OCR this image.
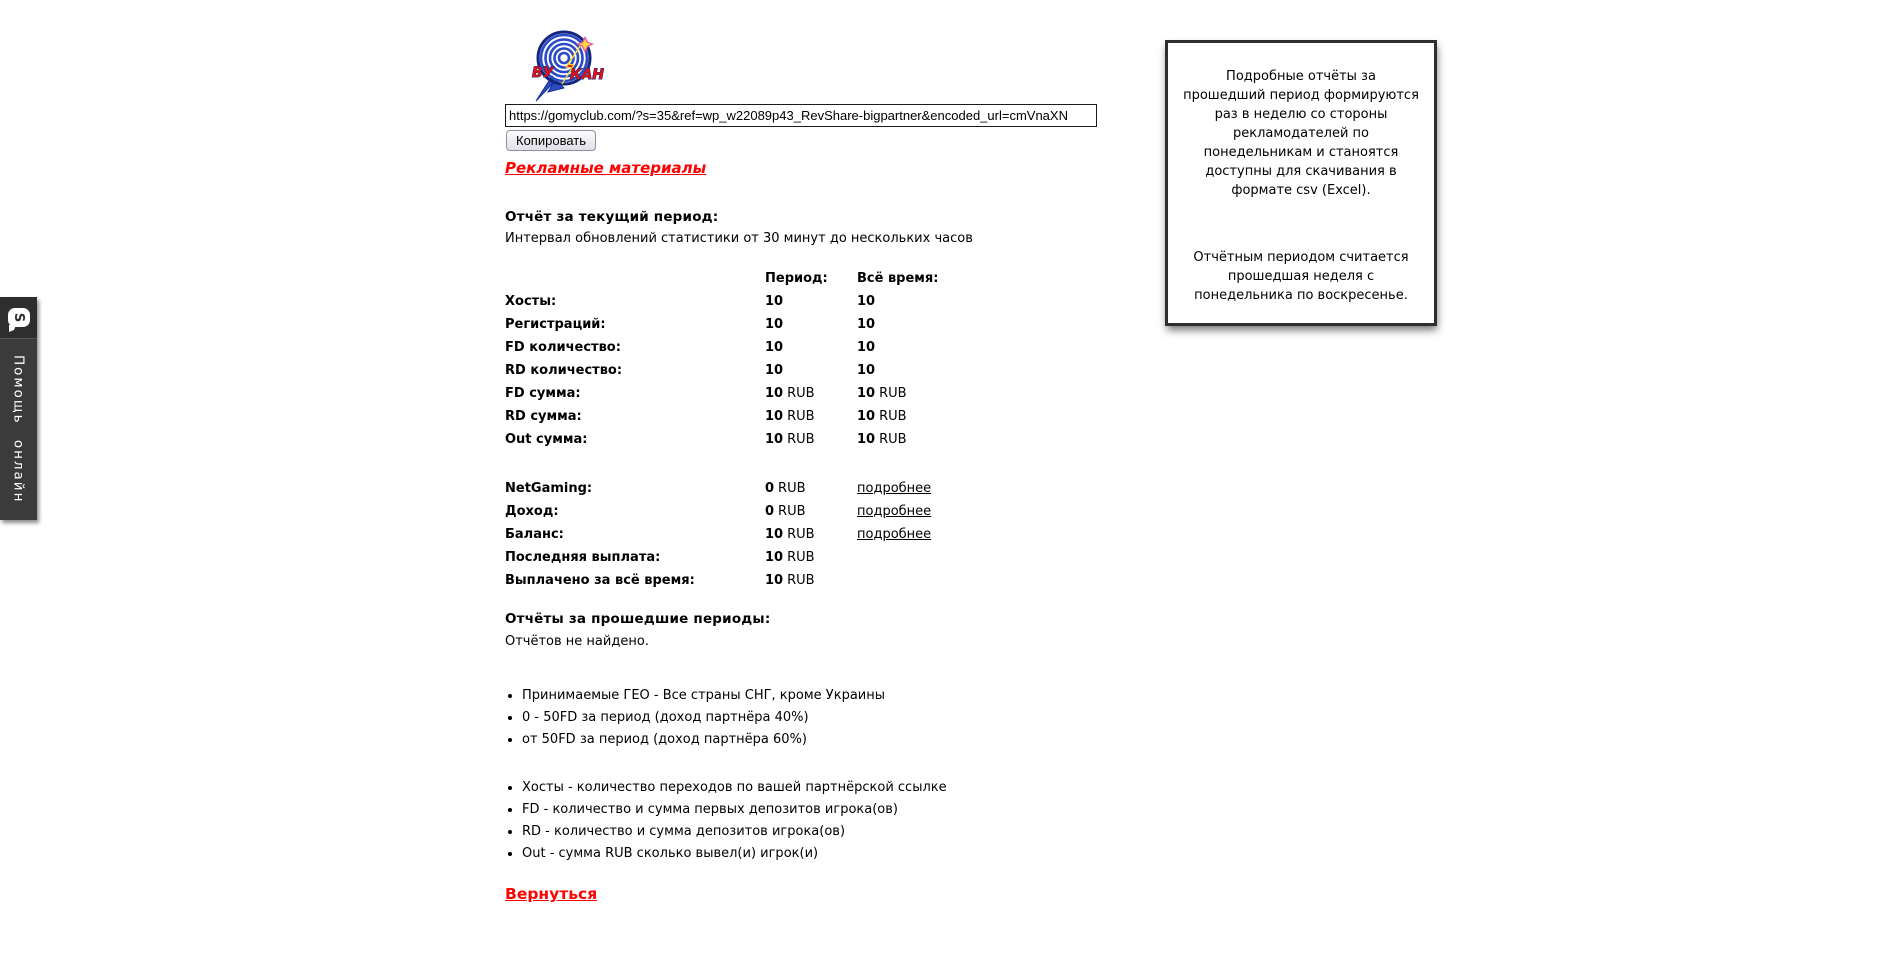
ВУ КАН
https://gomyclub.com/?s=35&ref=wp_w22089p43_RevShare-bigpartner&encoded_url=cmVnaXN
Копировать
Рекламные материалы
Отчёт за текущий период:
Интервал обновлений статистики от 30 минут до нескольких часов
Период:	Всё время:
Хосты:	10	10
Регистраций:	10	10
FD количество:	10	10
RD количество:	10	10
FD сумма:	10 RUB	10 RUB
RD сумма:	10 RUB	10 RUB
Out сумма:	10 RUB	10 RUB
NetGaming:	0 RUB	подробнее
Доход:	0 RUB	подробнее
Баланс:	10 RUB	подробнее
Последняя выплата:	10 RUB
Выплачено за всё время:	10 RUB
Отчёты за прошедшие периоды:
Отчётов не найдено.
• Принимаемые ГЕО - Все страны СНГ, кроме Украины
• 0 - 50FD за период (доход партнёра 40%)
• от 50FD за период (доход партнёра 60%)
• Хосты - количество переходов по вашей партнёрской ссылке
• FD - количество и сумма первых депозитов игрока(ов)
• RD - количество и сумма депозитов игрока(ов)
• Out - сумма RUB сколько вывел(и) игрок(и)
Вернуться

Подробные отчёты за прошедший период формируются раз в неделю со стороны рекламодателей по понедельникам и станоятся доступны для скачивания в формате csv (Excel).

Отчётным периодом считается прошедшая неделя с понедельника по воскресенье.

S
Помощь онлайн
